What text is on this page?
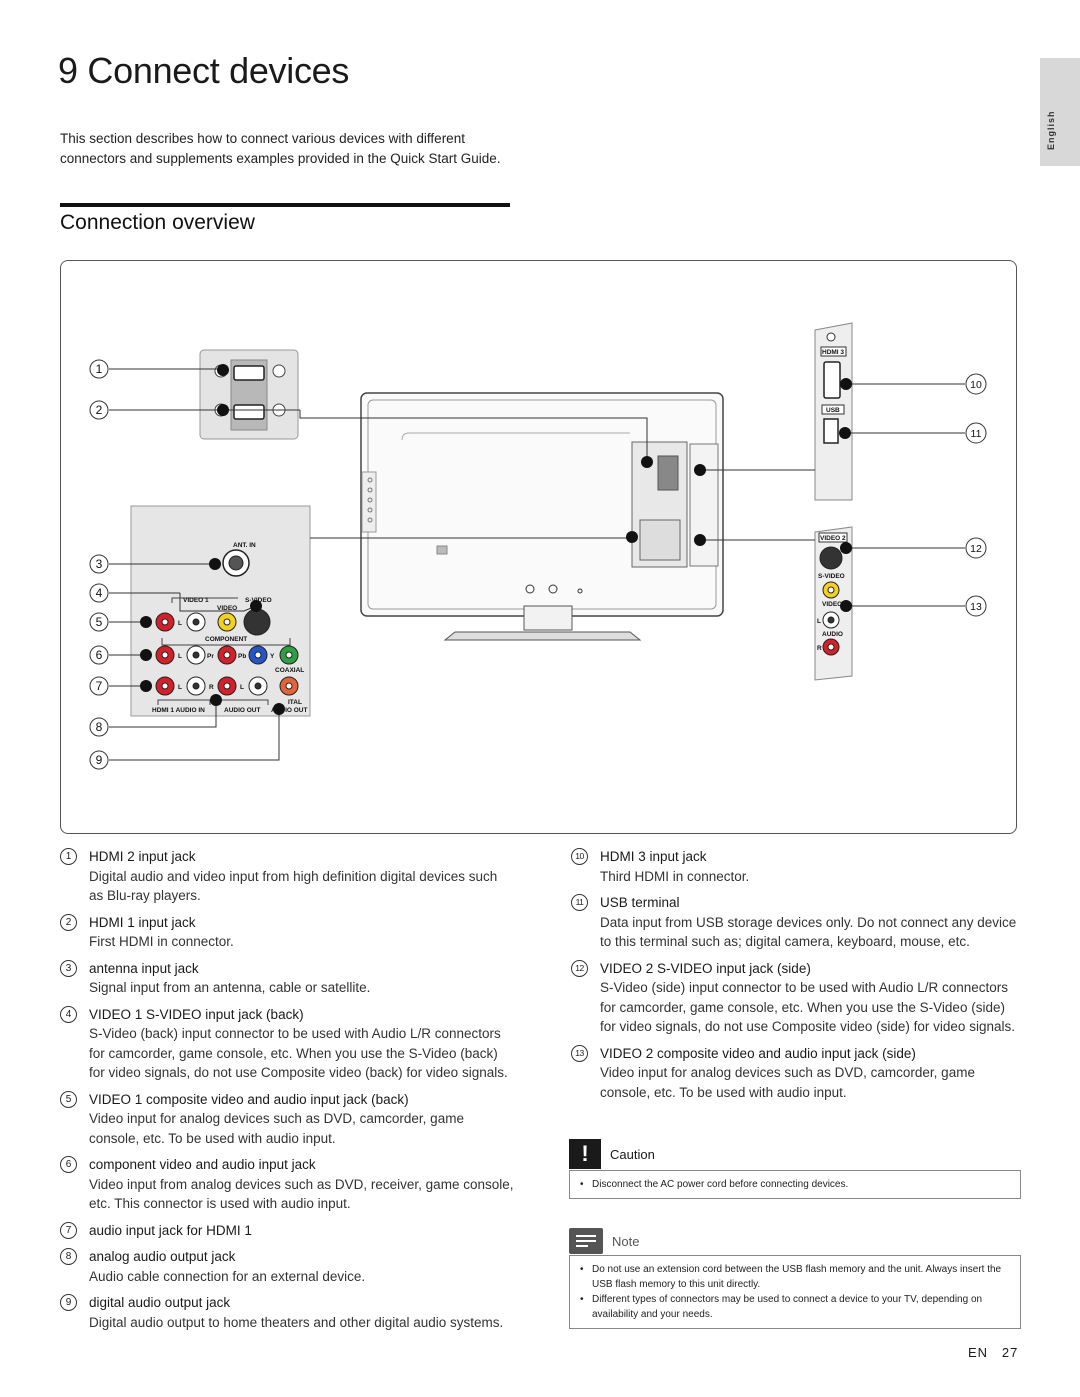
9 Connect devices
This section describes how to connect various devices with different connectors and supplements examples provided in the Quick Start Guide.
English
Connection overview
1
2
3
4
5
6
7
8
9
10
11
12
13
ANT. IN
VIDEO 1	S-VIDEO
VIDEO
COMPONENT
COAXIAL
HDMI 1 AUDIO IN	AUDIO OUT AUDIO OUT
ITAL
L
L	Pr	Pb	Y
L	R	L
HDMI 3
USB
VIDEO 2
S-VIDEO
VIDEO
L
AUDIO
R
1	HDMI 2 input jack
Digital audio and video input from high definition digital devices such as Blu-ray players.
2	HDMI 1 input jack
First HDMI in connector.
3	antenna input jack
Signal input from an antenna, cable or satellite.
4	VIDEO 1 S-VIDEO input jack (back)
S-Video (back) input connector to be used with Audio L/R connectors for camcorder, game console, etc. When you use the S-Video (back) for video signals, do not use Composite video (back) for video signals.
5	VIDEO 1 composite video and audio input jack (back)
Video input for analog devices such as DVD, camcorder, game console, etc. To be used with audio input.
6	component video and audio input jack
Video input from analog devices such as DVD, receiver, game console, etc. This connector is used with audio input.
7	audio input jack for HDMI 1
8	analog audio output jack
Audio cable connection for an external device.
9	digital audio output jack
Digital audio output to home theaters and other digital audio systems.
10	HDMI 3 input jack
Third HDMI in connector.
11	USB terminal
Data input from USB storage devices only. Do not connect any device to this terminal such as; digital camera, keyboard, mouse, etc.
12	VIDEO 2 S-VIDEO input jack (side)
S-Video (side) input connector to be used with Audio L/R connectors for camcorder, game console, etc. When you use the S-Video (side) for video signals, do not use Composite video (side) for video signals.
13	VIDEO 2 composite video and audio input jack (side)
Video input for analog devices such as DVD, camcorder, game console, etc. To be used with audio input.
!	Caution
• Disconnect the AC power cord before connecting devices.
Note
• Do not use an extension cord between the USB flash memory and the unit. Always insert the USB flash memory to this unit directly.
• Different types of connectors may be used to connect a device to your TV, depending on availability and your needs.
EN 27
